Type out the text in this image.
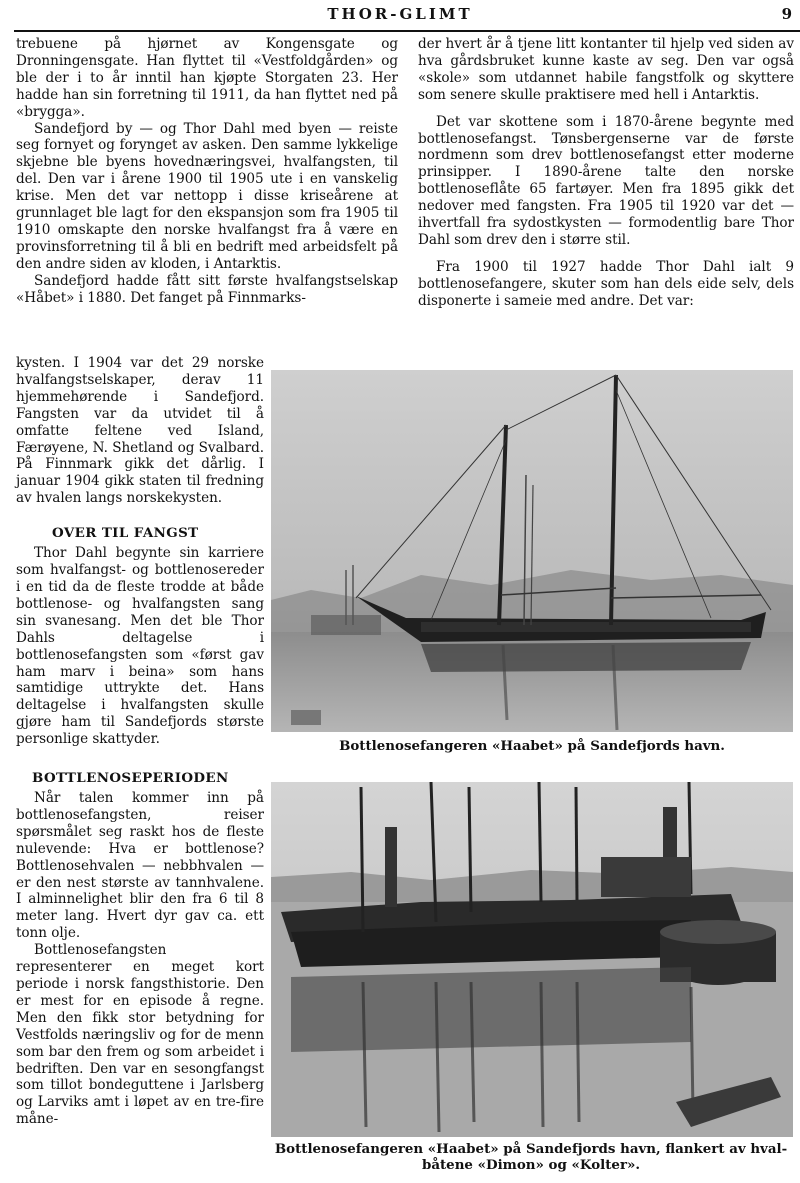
THOR-GLIMT	9

trebuene på hjørnet av Kongensgate og Dronningensgate. Han flyttet til «Vestfoldgården» og ble der i to år inntil han kjøpte Storgaten 23. Her hadde han sin forretning til 1911, da han flyttet ned på «brygga».

Sandefjord by — og Thor Dahl med byen — reiste seg fornyet og foryngеt av asken. Den samme lykkelige skjebne ble byens hovednæringsvei, hvalfangsten, til del. Den var i årene 1900 til 1905 ute i en vanskelig krise. Men det var nettopp i disse kriseårene at grunnlaget ble lagt for den ekspansjon som fra 1905 til 1910 omskapte den norske hvalfangst fra å være en provinsforretning til å bli en bedrift med arbeidsfelt på den andre siden av kloden, i Antarktis.

Sandefjord hadde fått sitt første hvalfangstselskap «Håbet» i 1880. Det fanget på Finnmarks-

kysten. I 1904 var det 29 norske hvalfangstselskaper, derav 11 hjemmehørende i Sandefjord. Fangsten var da utvidet til å omfatte feltene ved Island, Færøyene, N. Shetland og Svalbard. På Finnmark gikk det dårlig. I januar 1904 gikk staten til fredning av hvalen langs norskekysten.

OVER TIL FANGST

Thor Dahl begynte sin karriere som hvalfangst- og bottlenosereder i en tid da de fleste trodde at både bottlenose- og hvalfangsten sang sin svanesang. Men det ble Thor Dahls deltagelse i bottlenosefangsten som «først gav ham marv i beina» som hans samtidige uttrykte det. Hans deltagelse i hvalfangsten skulle gjøre ham til Sandefjords største personlige skattyder.

BOTTLENOSEPERIODEN

Når talen kommer inn på bottlenosefangsten, reiser spørsmålet seg raskt hos de fleste nulevende: Hva er bottlenose? Bottlenosehvalen — nebbhvalen — er den nest største av tannhvalene. I alminnelighet blir den fra 6 til 8 meter lang. Hvert dyr gav ca. ett tonn olje.

Bottlenosefangsten representerer en meget kort periode i norsk fangsthistorie. Den er mest for en episode å regne. Men den fikk stor betydning for Vestfolds næringsliv og for de menn som bar den frem og som arbeidet i bedriften. Den var en sesongfangst som tillot bondeguttene i Jarlsberg og Larviks amt i løpet av en tre-fire måne-

der hvert år å tjene litt kontanter til hjelp ved siden av hva gårdsbruket kunne kaste av seg. Den var også «skole» som utdannet habile fangstfolk og skyttere som senere skulle praktisere med hell i Antarktis.

Det var skottene som i 1870-årene begynte med bottlenosefangst. Tønsbergenserne var de første nordmenn som drev bottlenosefangst etter moderne prinsipper. I 1890-årene talte den norske bottlenoseflåte 65 fartøyer. Men fra 1895 gikk det nedover med fangsten. Fra 1905 til 1920 var det — ihvertfall fra sydostkysten — formodentlig bare Thor Dahl som drev den i større stil.

Fra 1900 til 1927 hadde Thor Dahl ialt 9 bottlenosefangere, skuter som han dels eide selv, dels disponerte i sameie med andre. Det var:

Bottlenosefangeren «Haabet» på Sandefjords havn.
Bottlenosefangeren «Haabet» på Sandefjords havn, flankert av hval-
båtene «Dimon» og «Kolter».
